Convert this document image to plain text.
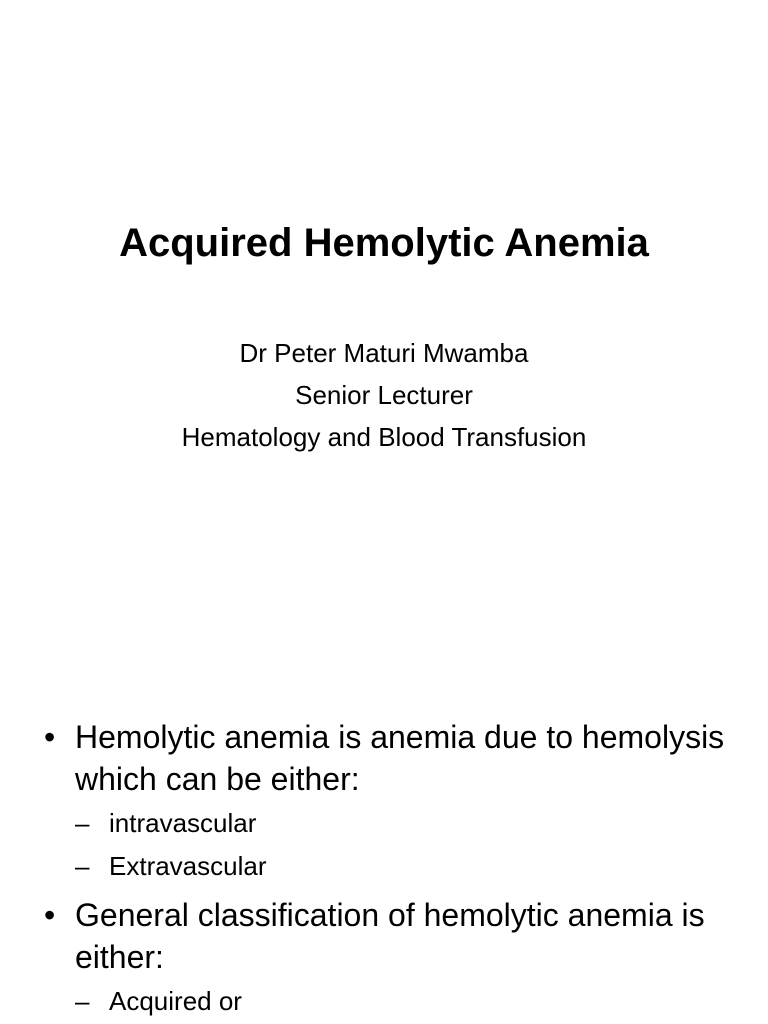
Acquired Hemolytic Anemia
Dr Peter Maturi Mwamba
Senior Lecturer
Hematology and Blood Transfusion
• Hemolytic anemia is anemia due to hemolysis which can be either:
– intravascular
– Extravascular
• General classification of hemolytic anemia is either:
– Acquired or
